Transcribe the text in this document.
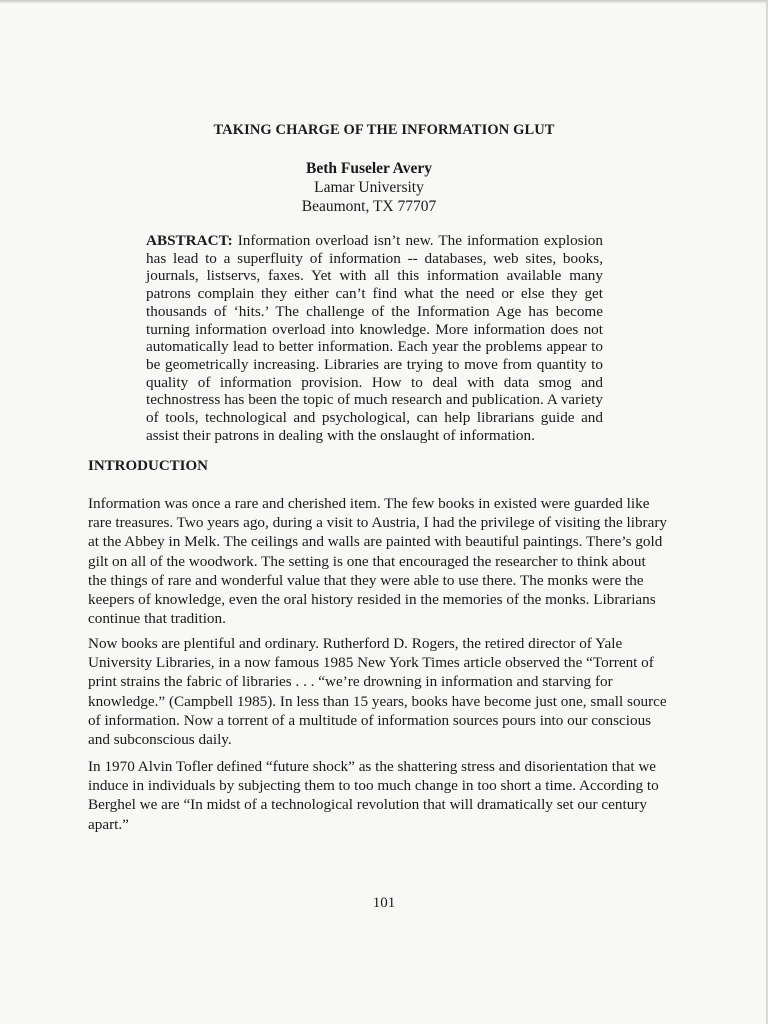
TAKING CHARGE OF THE INFORMATION GLUT
Beth Fuseler Avery
Lamar University
Beaumont, TX 77707
ABSTRACT: Information overload isn’t new. The information explosion has lead to a superfluity of information -- databases, web sites, books, journals, listservs, faxes. Yet with all this information available many patrons complain they either can’t find what the need or else they get thousands of ‘hits.’ The challenge of the Information Age has become turning information overload into knowledge. More information does not automatically lead to better information. Each year the problems appear to be geometrically increasing. Libraries are trying to move from quantity to quality of information provision. How to deal with data smog and technostress has been the topic of much research and publication. A variety of tools, technological and psychological, can help librarians guide and assist their patrons in dealing with the onslaught of information.
INTRODUCTION
Information was once a rare and cherished item. The few books in existed were guarded like rare treasures. Two years ago, during a visit to Austria, I had the privilege of visiting the library at the Abbey in Melk. The ceilings and walls are painted with beautiful paintings. There’s gold gilt on all of the woodwork. The setting is one that encouraged the researcher to think about the things of rare and wonderful value that they were able to use there. The monks were the keepers of knowledge, even the oral history resided in the memories of the monks. Librarians continue that tradition.
Now books are plentiful and ordinary. Rutherford D. Rogers, the retired director of Yale University Libraries, in a now famous 1985 New York Times article observed the “Torrent of print strains the fabric of libraries . . . “we’re drowning in information and starving for knowledge.” (Campbell 1985). In less than 15 years, books have become just one, small source of information. Now a torrent of a multitude of information sources pours into our conscious and subconscious daily.
In 1970 Alvin Tofler defined “future shock” as the shattering stress and disorientation that we induce in individuals by subjecting them to too much change in too short a time. According to Berghel we are “In midst of a technological revolution that will dramatically set our century apart.”
101
